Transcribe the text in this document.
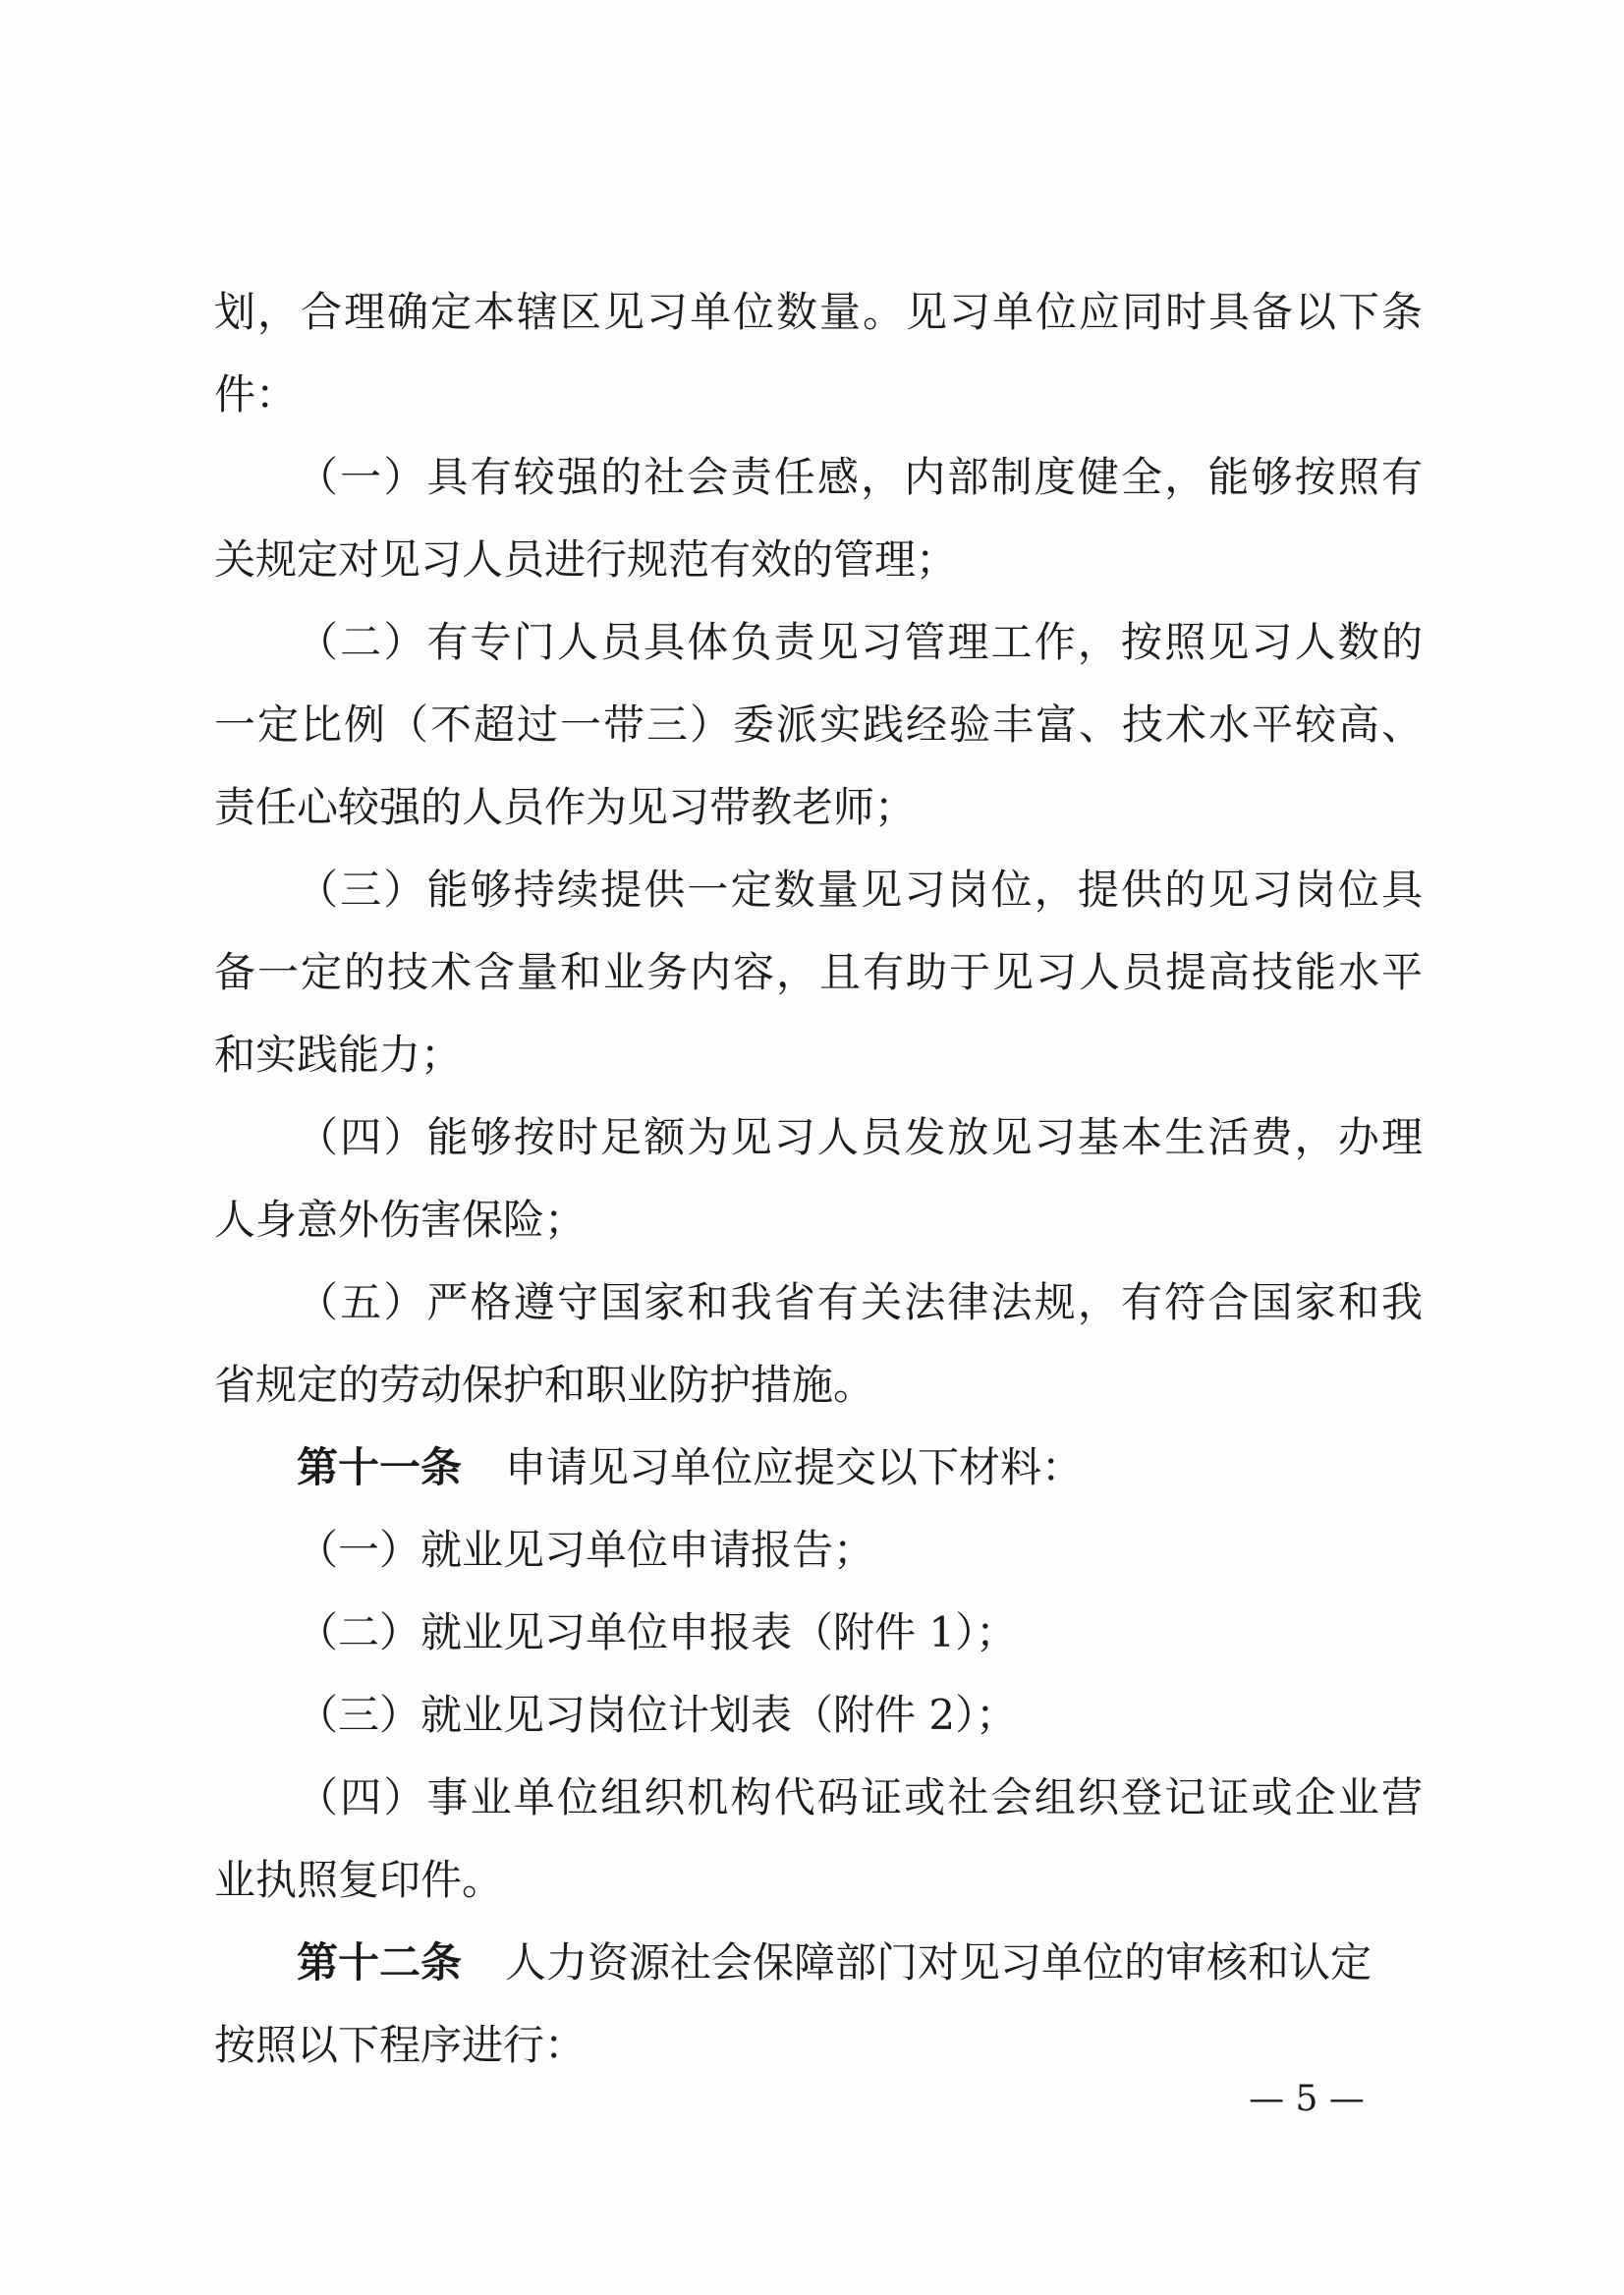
划，合理确定本辖区见习单位数量。见习单位应同时具备以下条
件：
（一）具有较强的社会责任感，内部制度健全，能够按照有
关规定对见习人员进行规范有效的管理；
（二）有专门人员具体负责见习管理工作，按照见习人数的
一定比例（不超过一带三）委派实践经验丰富、技术水平较高、
责任心较强的人员作为见习带教老师；
（三）能够持续提供一定数量见习岗位，提供的见习岗位具
备一定的技术含量和业务内容，且有助于见习人员提高技能水平
和实践能力；
（四）能够按时足额为见习人员发放见习基本生活费，办理
人身意外伤害保险；
（五）严格遵守国家和我省有关法律法规，有符合国家和我
省规定的劳动保护和职业防护措施。
第十一条 申请见习单位应提交以下材料：
（一）就业见习单位申请报告；
（二）就业见习单位申报表（附件 1）；
（三）就业见习岗位计划表（附件 2）；
（四）事业单位组织机构代码证或社会组织登记证或企业营
业执照复印件。
第十二条 人力资源社会保障部门对见习单位的审核和认定
按照以下程序进行：
— 5 —
